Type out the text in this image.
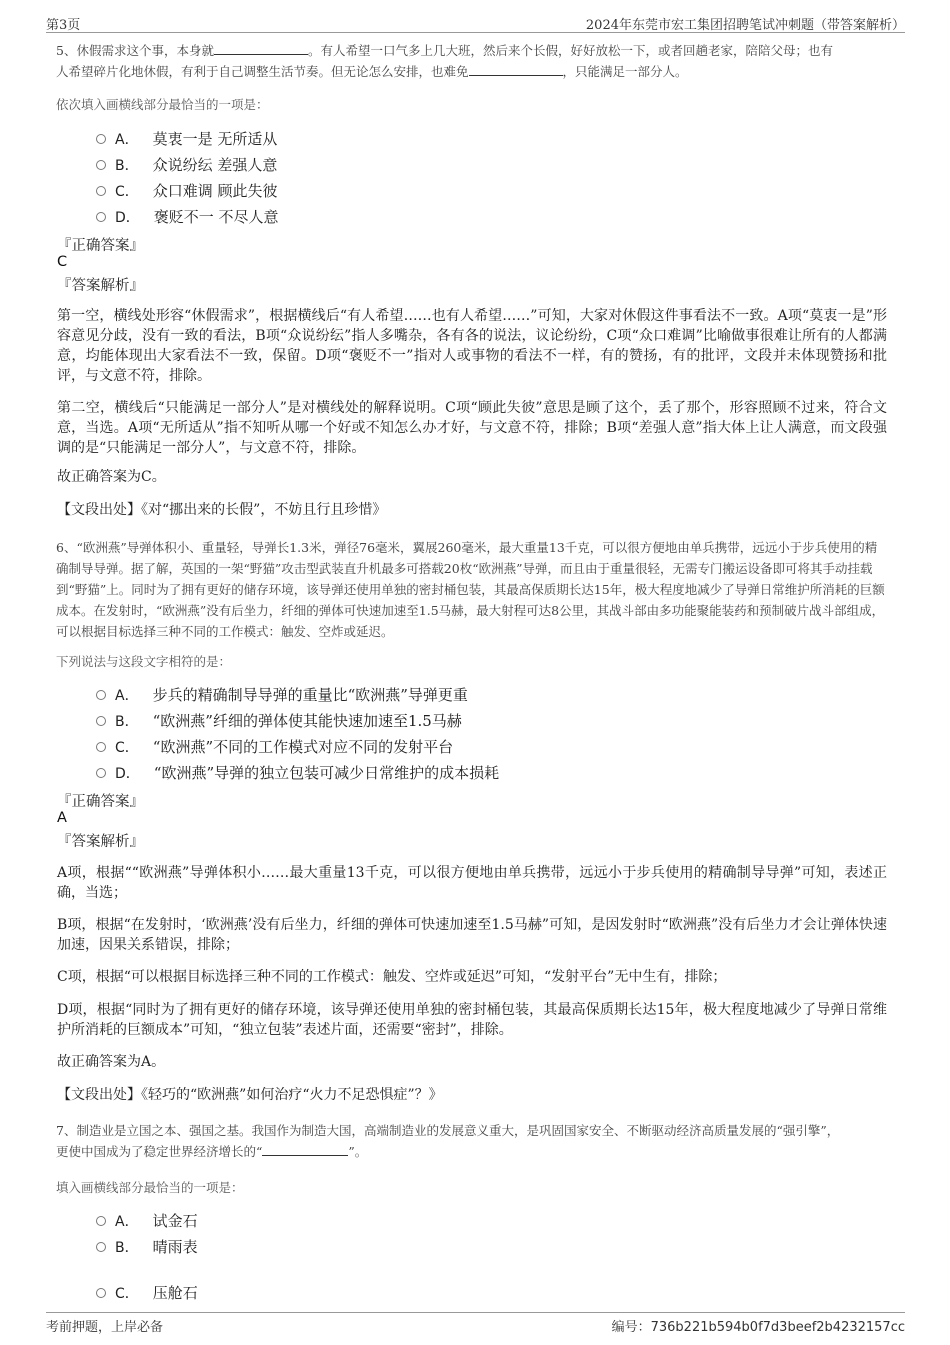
第3页	2024年东莞市宏工集团招聘笔试冲刺题（带答案解析）
5、休假需求这个事，本身就	。有人希望一口气多上几大班，然后来个长假，好好放松一下，或者回趟老家，陪陪父母；也有
人希望碎片化地休假，有利于自己调整生活节奏。但无论怎么安排，也难免	，只能满足一部分人。
依次填入画横线部分最恰当的一项是：
A． 莫衷一是 无所适从
B． 众说纷纭 差强人意
C． 众口难调 顾此失彼
D． 褒贬不一 不尽人意
『正确答案』
C
『答案解析』
第一空，横线处形容“休假需求”，根据横线后“有人希望……也有人希望……”可知，大家对休假这件事看法不一致。A项“莫衷一是”形容意见分歧，没有一致的看法，B项“众说纷纭”指人多嘴杂，各有各的说法，议论纷纷，C项“众口难调”比喻做事很难让所有的人都满意，均能体现出大家看法不一致，保留。D项“褒贬不一”指对人或事物的看法不一样，有的赞扬，有的批评，文段并未体现赞扬和批评，与文意不符，排除。
第二空，横线后“只能满足一部分人”是对横线处的解释说明。C项“顾此失彼”意思是顾了这个，丢了那个，形容照顾不过来，符合文意，当选。A项“无所适从”指不知听从哪一个好或不知怎么办才好，与文意不符，排除；B项“差强人意”指大体上让人满意，而文段强调的是“只能满足一部分人”，与文意不符，排除。
故正确答案为C。
【文段出处】《对“挪出来的长假”，不妨且行且珍惜》
6、“欧洲燕”导弹体积小、重量轻，导弹长1.3米，弹径76毫米，翼展260毫米，最大重量13千克，可以很方便地由单兵携带，远远小于步兵使用的精确制导导弹。据了解，英国的一架“野猫”攻击型武装直升机最多可搭载20枚“欧洲燕”导弹，而且由于重量很轻，无需专门搬运设备即可将其手动挂载到“野猫”上。同时为了拥有更好的储存环境，该导弹还使用单独的密封桶包装，其最高保质期长达15年，极大程度地减少了导弹日常维护所消耗的巨额成本。在发射时，“欧洲燕”没有后坐力，纤细的弹体可快速加速至1.5马赫，最大射程可达8公里，其战斗部由多功能聚能装药和预制破片战斗部组成，可以根据目标选择三种不同的工作模式：触发、空炸或延迟。
下列说法与这段文字相符的是：
A． 步兵的精确制导导弹的重量比“欧洲燕”导弹更重
B． “欧洲燕”纤细的弹体使其能快速加速至1.5马赫
C． “欧洲燕”不同的工作模式对应不同的发射平台
D． “欧洲燕”导弹的独立包装可减少日常维护的成本损耗
『正确答案』
A
『答案解析』
A项，根据““欧洲燕”导弹体积小……最大重量13千克，可以很方便地由单兵携带，远远小于步兵使用的精确制导导弹”可知，表述正确，当选；
B项，根据“在发射时，‘欧洲燕’没有后坐力，纤细的弹体可快速加速至1.5马赫”可知，是因发射时“欧洲燕”没有后坐力才会让弹体快速加速，因果关系错误，排除；
C项，根据“可以根据目标选择三种不同的工作模式：触发、空炸或延迟”可知，“发射平台”无中生有，排除；
D项，根据“同时为了拥有更好的储存环境，该导弹还使用单独的密封桶包装，其最高保质期长达15年，极大程度地减少了导弹日常维护所消耗的巨额成本”可知，“独立包装”表述片面，还需要“密封”，排除。
故正确答案为A。
【文段出处】《轻巧的“欧洲燕”如何治疗“火力不足恐惧症”？》
7、制造业是立国之本、强国之基。我国作为制造大国，高端制造业的发展意义重大，是巩固国家安全、不断驱动经济高质量发展的“强引擎”，
更使中国成为了稳定世界经济增长的“	”。
填入画横线部分最恰当的一项是：
A． 试金石
B． 晴雨表
C． 压舱石
考前押题，上岸必备	编号：736b221b594b0f7d3beef2b4232157cc
